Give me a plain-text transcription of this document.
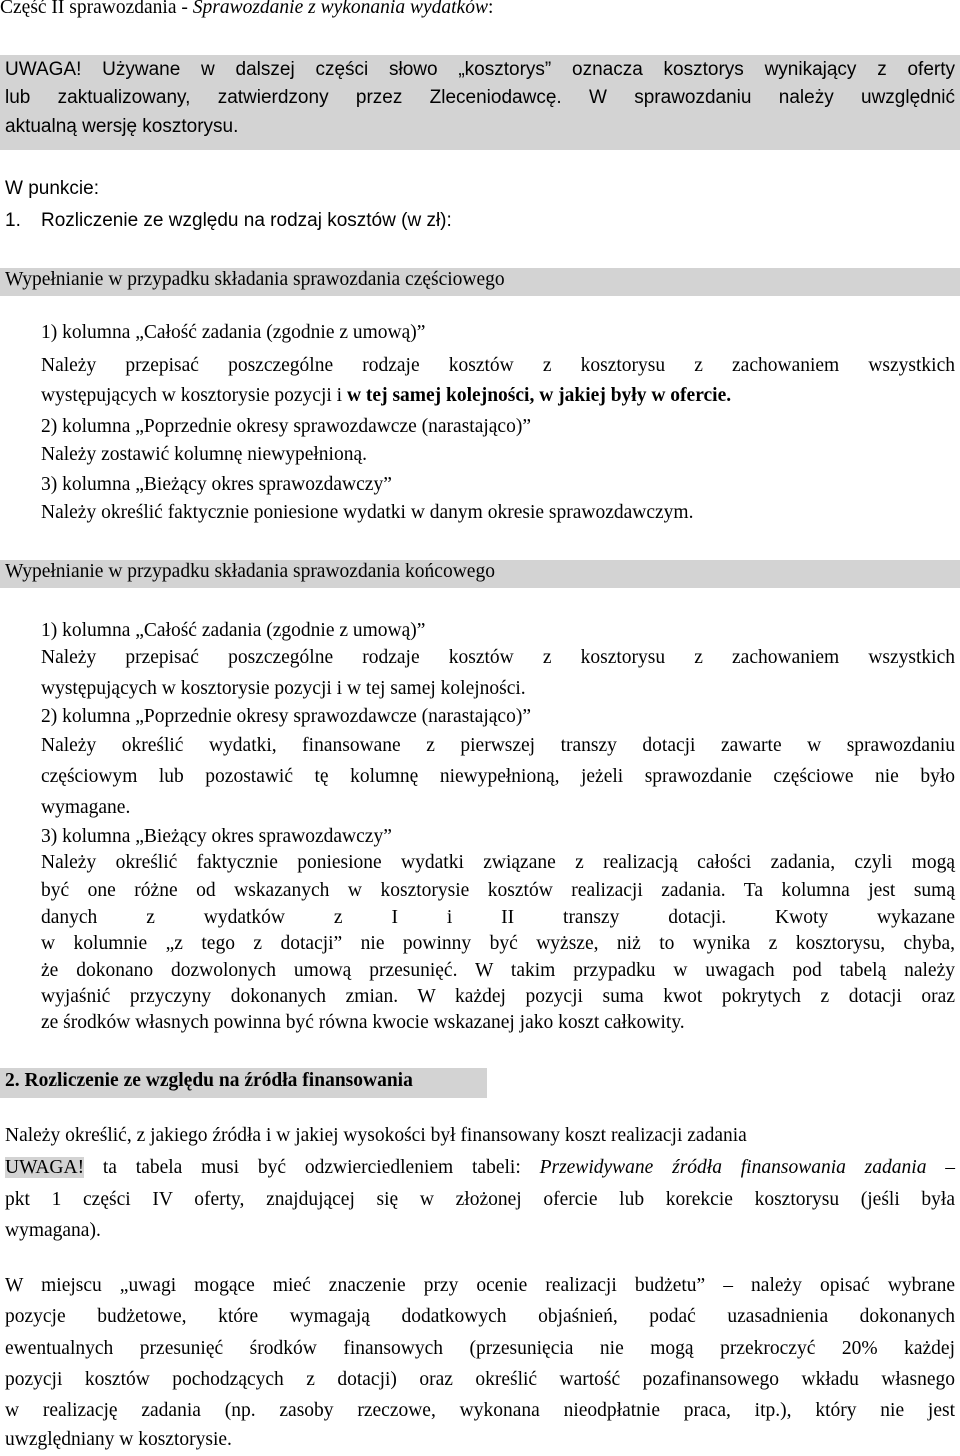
Część II sprawozdania - Sprawozdanie z wykonania wydatków:
UWAGA! Używane w dalszej części słowo „kosztorys” oznacza kosztorys wynikający z oferty
lub zaktualizowany, zatwierdzony przez Zleceniodawcę. W sprawozdaniu należy uwzględnić
aktualną wersję kosztorysu.
W punkcie:
1.	Rozliczenie ze względu na rodzaj kosztów (w zł):
Wypełnianie w przypadku składania sprawozdania częściowego
1) kolumna „Całość zadania (zgodnie z umową)”
Należy przepisać poszczególne rodzaje kosztów z kosztorysu z zachowaniem wszystkich
występujących w kosztorysie pozycji i w tej samej kolejności, w jakiej były w ofercie.
2) kolumna „Poprzednie okresy sprawozdawcze (narastająco)”
Należy zostawić kolumnę niewypełnioną.
3) kolumna „Bieżący okres sprawozdawczy”
Należy określić faktycznie poniesione wydatki w danym okresie sprawozdawczym.
Wypełnianie w przypadku składania sprawozdania końcowego
1) kolumna „Całość zadania (zgodnie z umową)”
Należy przepisać poszczególne rodzaje kosztów z kosztorysu z zachowaniem wszystkich
występujących w kosztorysie pozycji i w tej samej kolejności.
2) kolumna „Poprzednie okresy sprawozdawcze (narastająco)”
Należy określić wydatki, finansowane z pierwszej transzy dotacji zawarte w sprawozdaniu
częściowym lub pozostawić tę kolumnę niewypełnioną, jeżeli sprawozdanie częściowe nie było
wymagane.
3) kolumna „Bieżący okres sprawozdawczy”
Należy określić faktycznie poniesione wydatki związane z realizacją całości zadania, czyli mogą
być one różne od wskazanych w kosztorysie kosztów realizacji zadania. Ta kolumna jest sumą
danych z wydatków z I i II transzy dotacji. Kwoty wykazane
w kolumnie „z tego z dotacji” nie powinny być wyższe, niż to wynika z kosztorysu, chyba,
że dokonano dozwolonych umową przesunięć. W takim przypadku w uwagach pod tabelą należy
wyjaśnić przyczyny dokonanych zmian. W każdej pozycji suma kwot pokrytych z dotacji oraz
ze środków własnych powinna być równa kwocie wskazanej jako koszt całkowity.
2. Rozliczenie ze względu na źródła finansowania
Należy określić, z jakiego źródła i w jakiej wysokości był finansowany koszt realizacji zadania
UWAGA! ta tabela musi być odzwierciedleniem tabeli: Przewidywane źródła finansowania zadania –
pkt 1 części IV oferty, znajdującej się w złożonej ofercie lub korekcie kosztorysu (jeśli była
wymagana).
W miejscu „uwagi mogące mieć znaczenie przy ocenie realizacji budżetu” – należy opisać wybrane
pozycje budżetowe, które wymagają dodatkowych objaśnień, podać uzasadnienia dokonanych
ewentualnych przesunięć środków finansowych (przesunięcia nie mogą przekroczyć 20% każdej
pozycji kosztów pochodzących z dotacji) oraz określić wartość pozafinansowego wkładu własnego
w realizację zadania (np. zasoby rzeczowe, wykonana nieodpłatnie praca, itp.), który nie jest
uwzględniany w kosztorysie.
